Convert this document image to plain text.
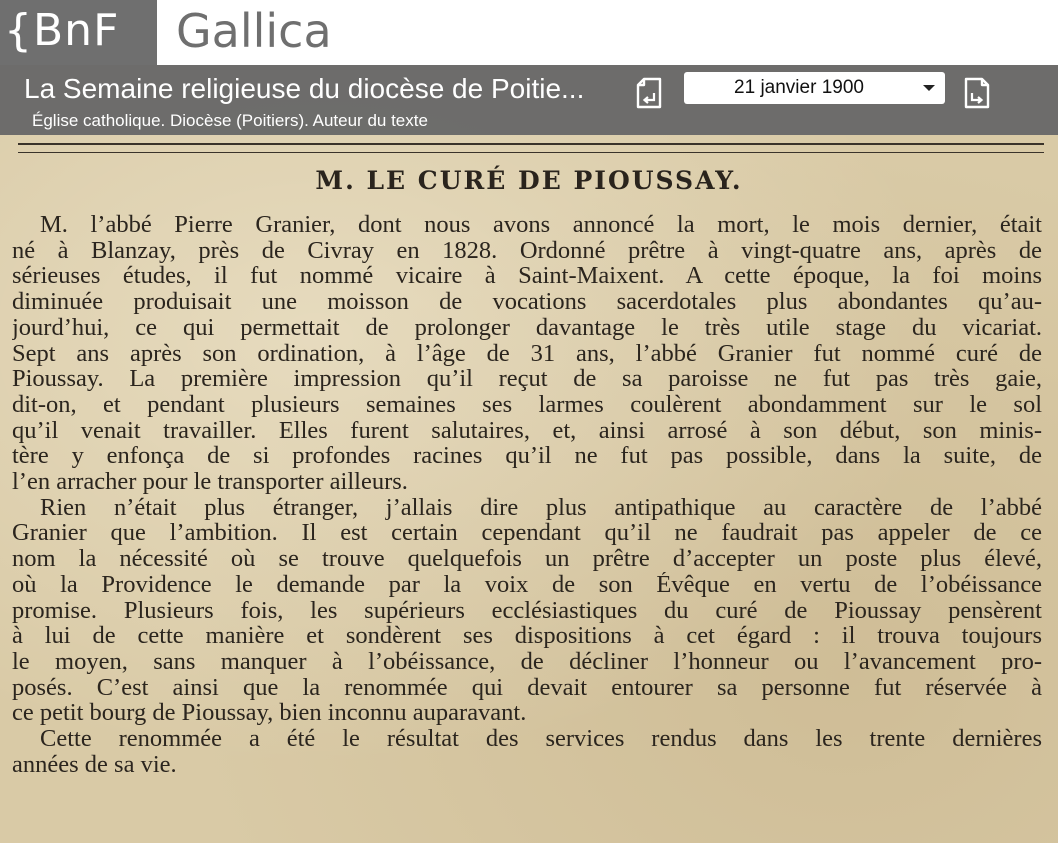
M. LE CURÉ DE PIOUSSAY.
M. l’abbé Pierre Granier, dont nous avons annoncé la mort, le mois dernier, était
né à Blanzay, près de Civray en 1828. Ordonné prêtre à vingt-quatre ans, après de
sérieuses études, il fut nommé vicaire à Saint-Maixent. A cette époque, la foi moins
diminuée produisait une moisson de vocations sacerdotales plus abondantes qu’au-
jourd’hui, ce qui permettait de prolonger davantage le très utile stage du vicariat.
Sept ans après son ordination, à l’âge de 31 ans, l’abbé Granier fut nommé curé de
Pioussay. La première impression qu’il reçut de sa paroisse ne fut pas très gaie,
dit-on, et pendant plusieurs semaines ses larmes coulèrent abondamment sur le sol
qu’il venait travailler. Elles furent salutaires, et, ainsi arrosé à son début, son minis-
tère y enfonça de si profondes racines qu’il ne fut pas possible, dans la suite, de
l’en arracher pour le transporter ailleurs.
Rien n’était plus étranger, j’allais dire plus antipathique au caractère de l’abbé
Granier que l’ambition. Il est certain cependant qu’il ne faudrait pas appeler de ce
nom la nécessité où se trouve quelquefois un prêtre d’accepter un poste plus élevé,
où la Providence le demande par la voix de son Évêque en vertu de l’obéissance
promise. Plusieurs fois, les supérieurs ecclésiastiques du curé de Pioussay pensèrent
à lui de cette manière et sondèrent ses dispositions à cet égard : il trouva toujours
le moyen, sans manquer à l’obéissance, de décliner l’honneur ou l’avancement pro-
posés. C’est ainsi que la renommée qui devait entourer sa personne fut réservée à
ce petit bourg de Pioussay, bien inconnu auparavant.
Cette renommée a été le résultat des services rendus dans les trente dernières
années de sa vie.
{BnF	Gallica
La Semaine religieuse du diocèse de Poitie...
Église catholique. Diocèse (Poitiers). Auteur du texte
21 janvier 1900
